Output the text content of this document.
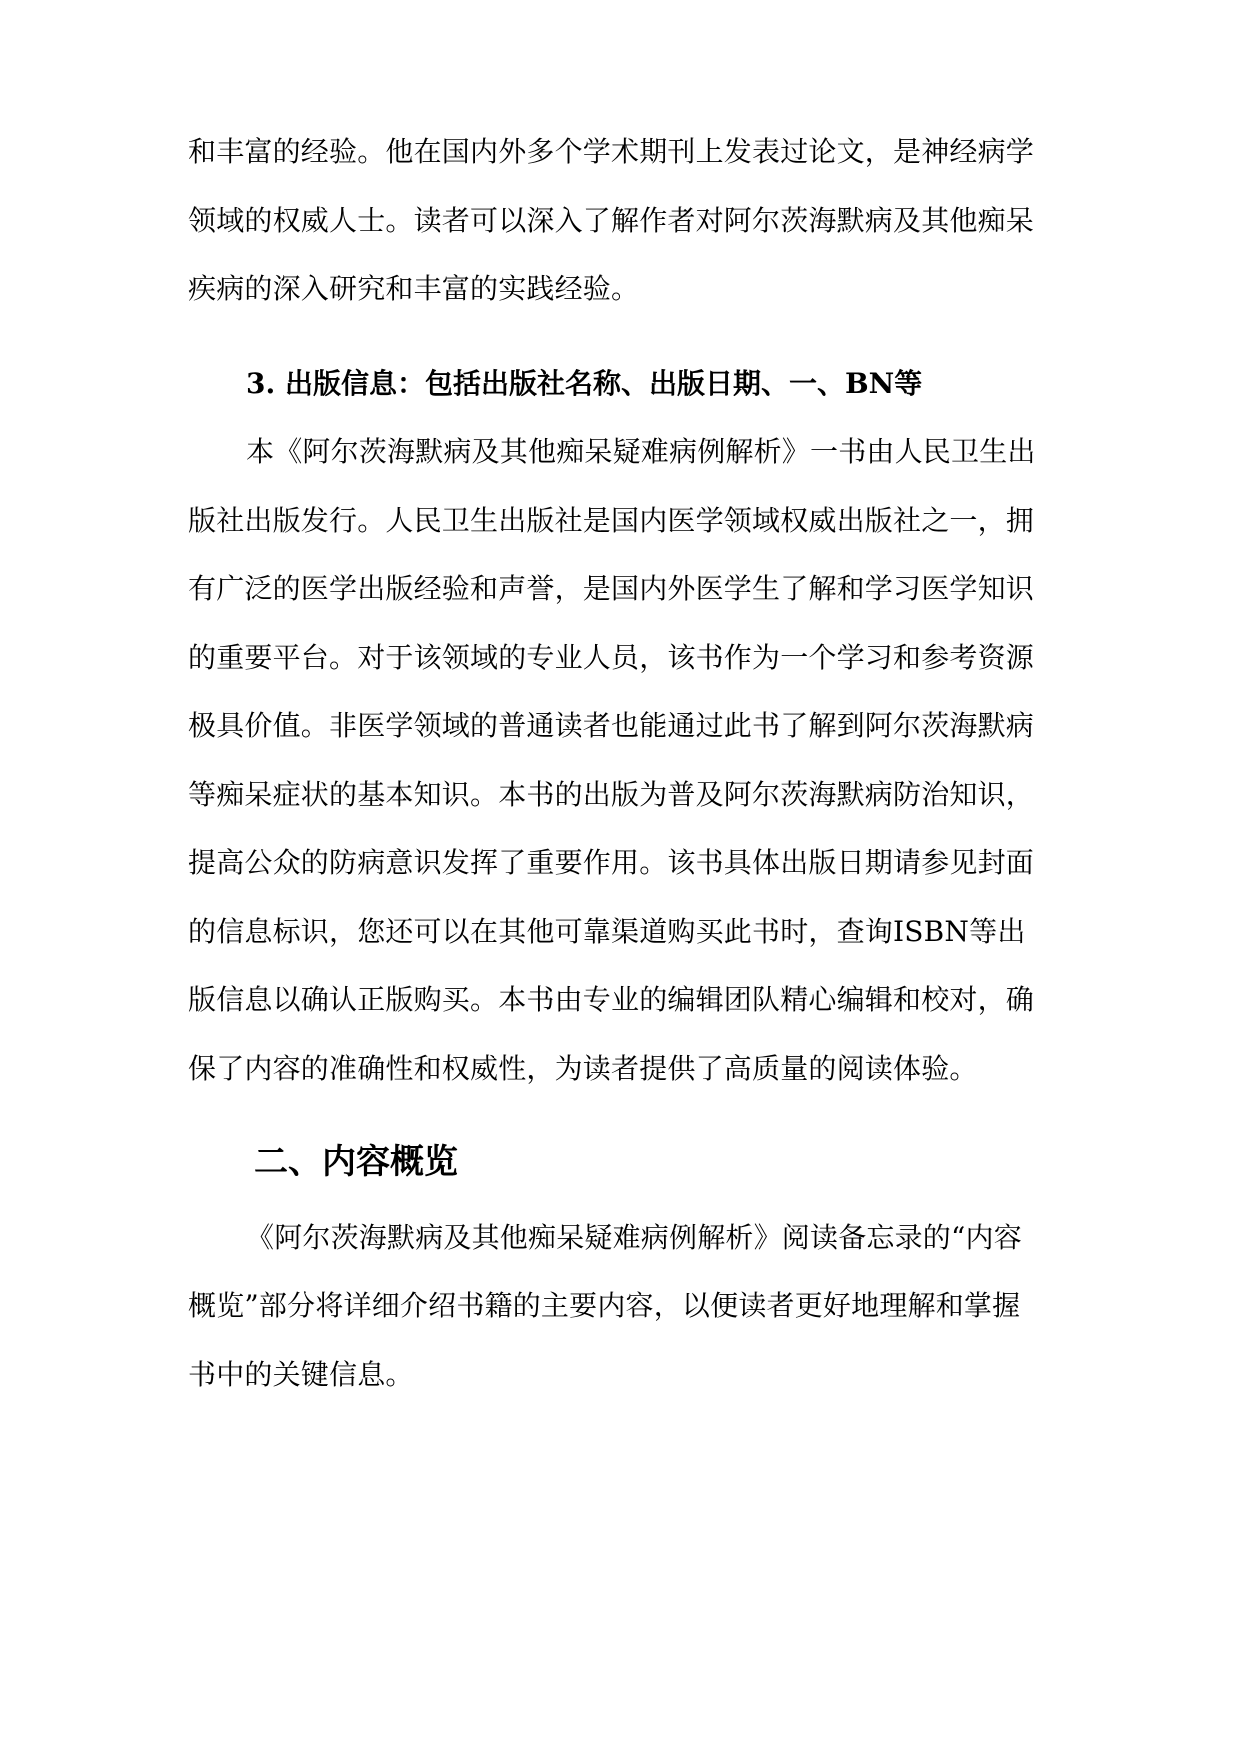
和丰富的经验。他在国内外多个学术期刊上发表过论文，是神经病学

领域的权威人士。读者可以深入了解作者对阿尔茨海默病及其他痴呆

疾病的深入研究和丰富的实践经验。

3. 出版信息：包括出版社名称、出版日期、一、BN等

本《阿尔茨海默病及其他痴呆疑难病例解析》一书由人民卫生出

版社出版发行。人民卫生出版社是国内医学领域权威出版社之一，拥

有广泛的医学出版经验和声誉，是国内外医学生了解和学习医学知识

的重要平台。对于该领域的专业人员，该书作为一个学习和参考资源

极具价值。非医学领域的普通读者也能通过此书了解到阿尔茨海默病

等痴呆症状的基本知识。本书的出版为普及阿尔茨海默病防治知识，

提高公众的防病意识发挥了重要作用。该书具体出版日期请参见封面

的信息标识，您还可以在其他可靠渠道购买此书时，查询ISBN等出

版信息以确认正版购买。本书由专业的编辑团队精心编辑和校对，确

保了内容的准确性和权威性，为读者提供了高质量的阅读体验。

二、内容概览

《阿尔茨海默病及其他痴呆疑难病例解析》阅读备忘录的“内容

概览”部分将详细介绍书籍的主要内容，以便读者更好地理解和掌握

书中的关键信息。
